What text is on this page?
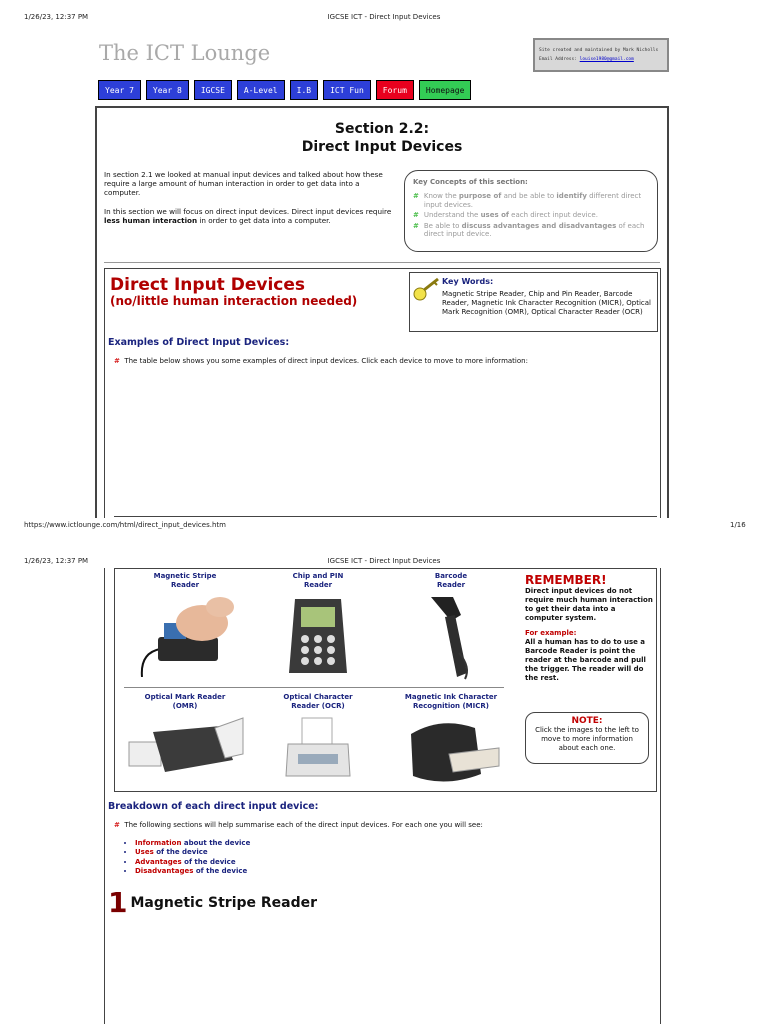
1/26/23, 12:37 PM	IGCSE ICT - Direct Input Devices
The ICT Lounge	Site created and maintained by Mark Nicholls
Email Address: louise1980@gmail.com
Year 7	Year 8	IGCSE	A-Level	I.B	ICT Fun	Forum	Homepage
Section 2.2:
Direct Input Devices
In section 2.1 we looked at manual input devices and talked about how these require a large amount of human interaction in order to get data into a computer.
In this section we will focus on direct input devices. Direct input devices require less human interaction in order to get data into a computer.
Key Concepts of this section:
# Know the purpose of and be able to identify different direct input devices.
# Understand the uses of each direct input device.
# Be able to discuss advantages and disadvantages of each direct input device.
Direct Input Devices
(no/little human interaction needed)
Key Words:
Magnetic Stripe Reader, Chip and Pin Reader, Barcode Reader, Magnetic Ink Character Recognition (MICR), Optical Mark Recognition (OMR), Optical Character Reader (OCR)
Examples of Direct Input Devices:
# The table below shows you some examples of direct input devices. Click each device to move to more information:
https://www.ictlounge.com/html/direct_input_devices.htm	1/16
1/26/23, 12:37 PM	IGCSE ICT - Direct Input Devices
Magnetic Stripe
Reader
Chip and PIN
Reader
Barcode
Reader
Optical Mark Reader
(OMR)
Optical Character
Reader (OCR)
Magnetic Ink Character
Recognition (MICR)
REMEMBER!
Direct input devices do not require much human interaction to get their data into a computer system.
For example:
All a human has to do to use a Barcode Reader is point the reader at the barcode and pull the trigger. The reader will do the rest.
NOTE:
Click the images to the left to move to more information about each one.
Breakdown of each direct input device:
# The following sections will help summarise each of the direct input devices. For each one you will see:
• Information about the device
• Uses of the device
• Advantages of the device
• Disadvantages of the device
1 Magnetic Stripe Reader
